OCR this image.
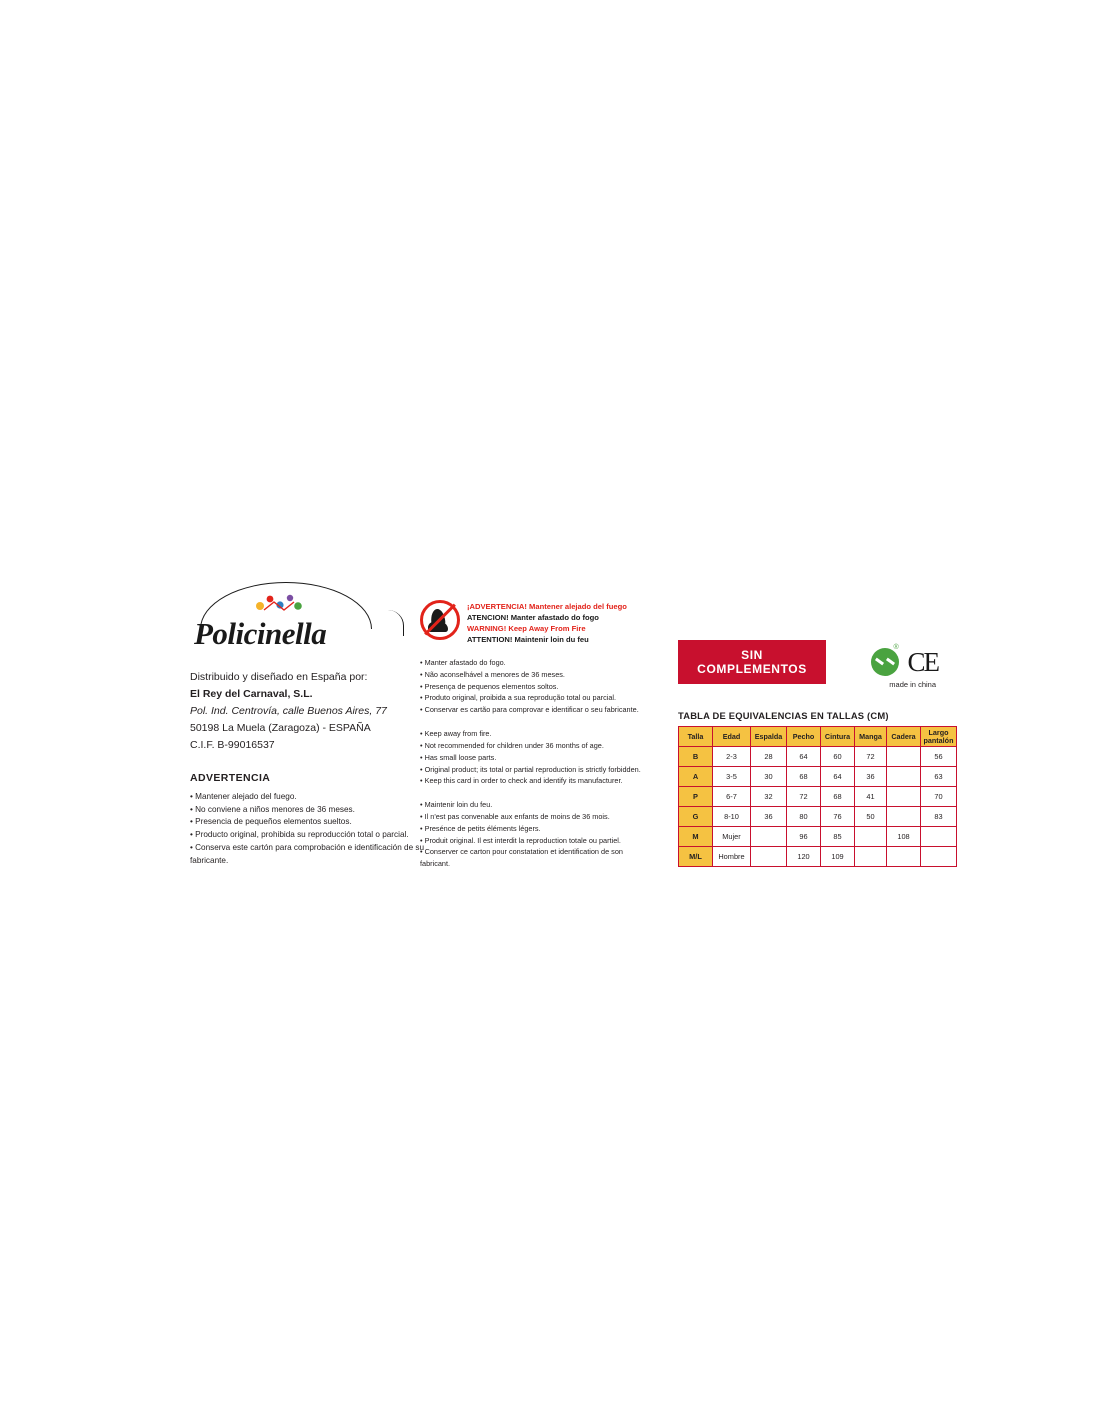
Policinella
Distribuido y diseñado en España por:
El Rey del Carnaval, S.L.
Pol. Ind. Centrovía, calle Buenos Aires, 77
50198 La Muela (Zaragoza) - ESPAÑA
C.I.F. B-99016537
ADVERTENCIA
• Mantener alejado del fuego.
• No conviene a niños menores de 36 meses.
• Presencia de pequeños elementos sueltos.
• Producto original, prohibida su reproducción total o parcial.
• Conserva este cartón para comprobación e identificación de su fabricante.
¡ADVERTENCIA! Mantener alejado del fuego
ATENCION! Manter afastado do fogo
WARNING! Keep Away From Fire
ATTENTION! Maintenir loin du feu
• Manter afastado do fogo.
• Não aconselhável a menores de 36 meses.
• Presença de pequenos elementos soltos.
• Produto original, proibida a sua reprodução total ou parcial.
• Conservar es cartão para comprovar e identificar o seu fabricante.
• Keep away from fire.
• Not recommended for children under 36 months of age.
• Has small loose parts.
• Original product; its total or partial reproduction is strictly forbidden.
• Keep this card in order to check and identify its manufacturer.
• Maintenir loin du feu.
• Il n'est pas convenable aux enfants de moins de 36 mois.
• Presénce de petits éléments légers.
• Produit original. Il est interdit la reproduction totale ou partiel.
• Conserver ce carton pour constatation et identification de son fabricant.
SIN COMPLEMENTOS
® CE
made in china
TABLA DE EQUIVALENCIAS EN TALLAS (CM)
Talla	Edad	Espalda	Pecho	Cintura	Manga	Cadera	Largo pantalón
B	2-3	28	64	60	72		56
A	3-5	30	68	64	36		63
P	6-7	32	72	68	41		70
G	8-10	36	80	76	50		83
M	Mujer		96	85		108	
M/L	Hombre		120	109			
